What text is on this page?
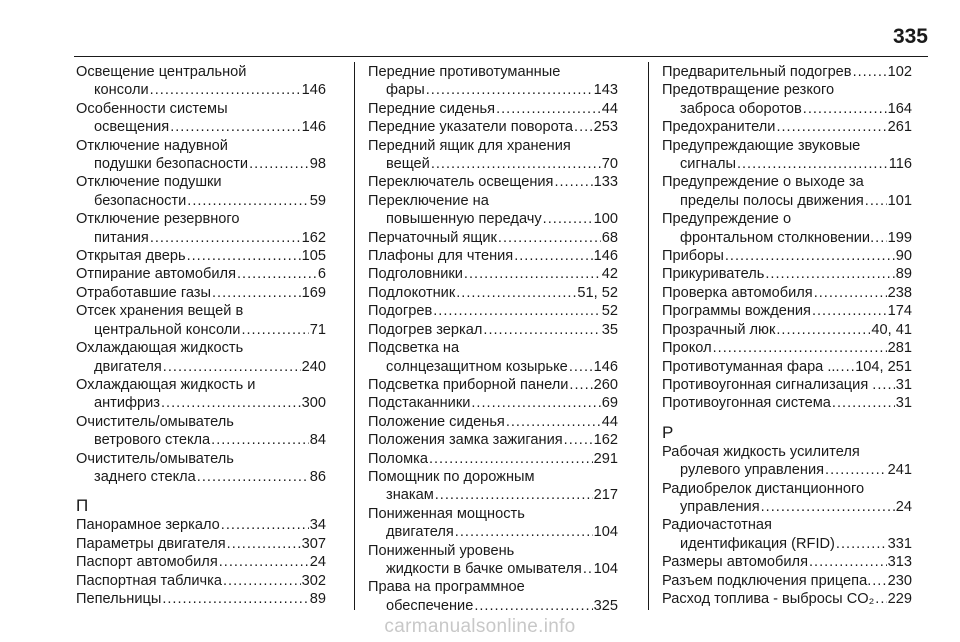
335
Освещение центральной
консоли .....	146
Особенности системы
освещения .....	146
Отключение надувной
подушки безопасности .....	98
Отключение подушки
безопасности .....	59
Отключение резервного
питания .....	162
Открытая дверь .....	105
Отпирание автомобиля .....	6
Отработавшие газы .....	169
Отсек хранения вещей в
центральной консоли .....	71
Охлаждающая жидкость
двигателя .....	240
Охлаждающая жидкость и
антифриз .....	300
Очиститель/омыватель
ветрового стекла .....	84
Очиститель/омыватель
заднего стекла .....	86
П
Панорамное зеркало .....	34
Параметры двигателя .....	307
Паспорт автомобиля .....	24
Паспортная табличка .....	302
Пепельницы .....	89
Передние противотуманные
фары .....	143
Передние сиденья .....	44
Передние указатели поворота ..... 253
Передний ящик для хранения
вещей .....	70
Переключатель освещения .....	133
Переключение на
повышенную передачу .....	100
Перчаточный ящик .....	68
Плафоны для чтения .....	146
Подголовники .....	42
Подлокотник .....	51, 52
Подогрев .....	52
Подогрев зеркал .....	35
Подсветка на
солнцезащитном козырьке ..... 146
Подсветка приборной панели ..... 260
Подстаканники .....	69
Положение сиденья .....	44
Положения замка зажигания ..... 162
Поломка .....	291
Помощник по дорожным
знакам .....	217
Пониженная мощность
двигателя .....	104
Пониженный уровень
жидкости в бачке омывателя ..... 104
Права на программное
обеспечение .....	325
Предварительный подогрев ..... 102
Предотвращение резкого
заброса оборотов .....	164
Предохранители .....	261
Предупреждающие звуковые
сигналы .....	116
Предупреждение о выходе за
пределы полосы движения ..... 101
Предупреждение о
фронтальном столкновении. ..... 199
Приборы .....	90
Прикуриватель .....	89
Проверка автомобиля .....	238
Программы вождения .....	174
Прозрачный люк .....	40, 41
Прокол .....	281
Противотуманная фара ... ..... 104, 251
Противоугонная сигнализация . ..... 31
Противоугонная система .....	31
Р
Рабочая жидкость усилителя
рулевого управления .....	241
Радиобрелок дистанционного
управления .....	24
Радиочастотная
идентификация (RFID) .....	331
Размеры автомобиля .....	313
Разъем подключения прицепа. ..... 230
Расход топлива - выбросы CO₂ ..... 229
carmanualsonline.info
